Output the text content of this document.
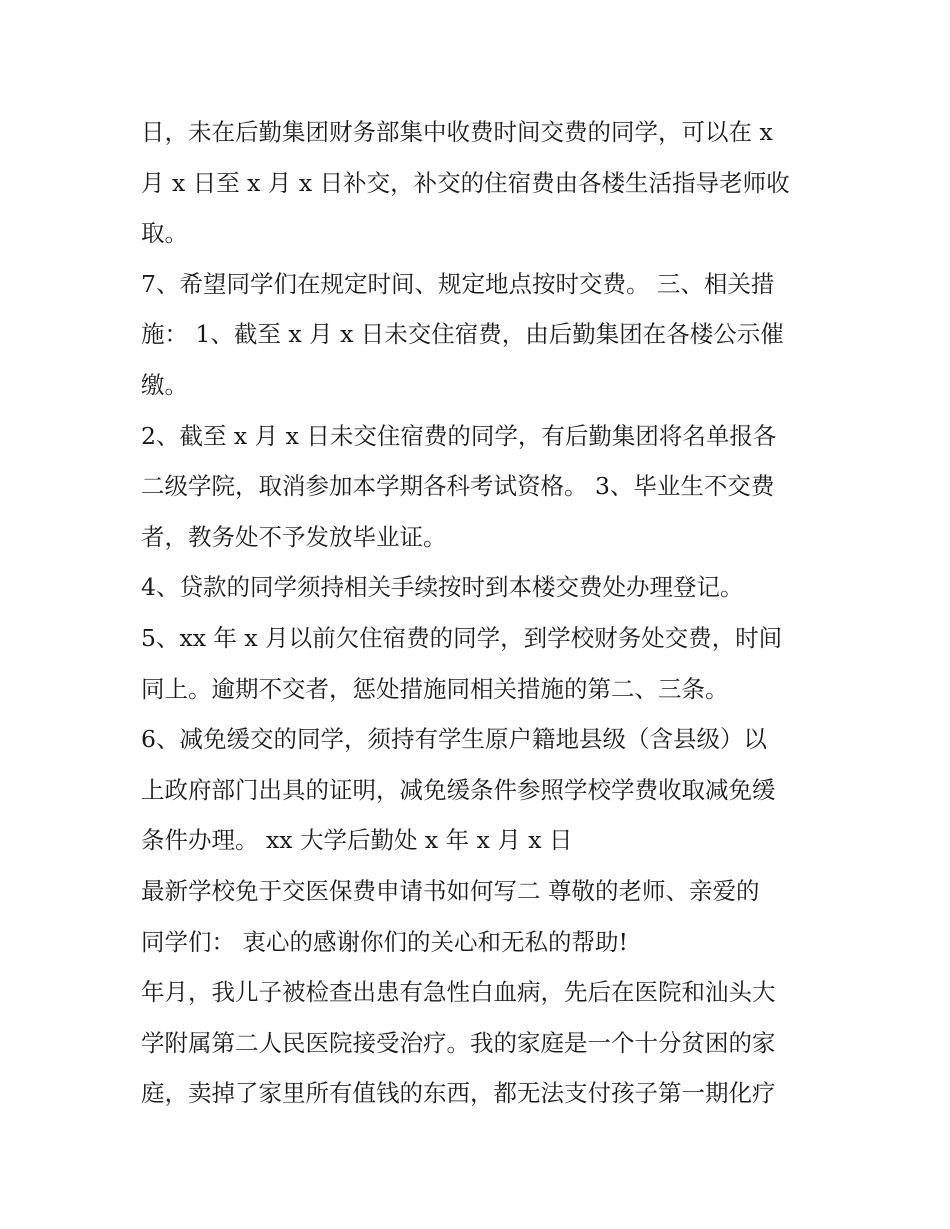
日，未在后勤集团财务部集中收费时间交费的同学，可以在 x
月 x 日至 x 月 x 日补交，补交的住宿费由各楼生活指导老师收
取。
7、希望同学们在规定时间、规定地点按时交费。 三、相关措
施： 1、截至 x 月 x 日未交住宿费，由后勤集团在各楼公示催
缴。
2、截至 x 月 x 日未交住宿费的同学，有后勤集团将名单报各
二级学院，取消参加本学期各科考试资格。 3、毕业生不交费
者，教务处不予发放毕业证。
4、贷款的同学须持相关手续按时到本楼交费处办理登记。
5、xx 年 x 月以前欠住宿费的同学，到学校财务处交费，时间
同上。逾期不交者，惩处措施同相关措施的第二、三条。
6、减免缓交的同学，须持有学生原户籍地县级（含县级）以
上政府部门出具的证明，减免缓条件参照学校学费收取减免缓
条件办理。 xx 大学后勤处 x 年 x 月 x 日
最新学校免于交医保费申请书如何写二 尊敬的老师、亲爱的
同学们： 衷心的感谢你们的关心和无私的帮助!
年月，我儿子被检查出患有急性白血病，先后在医院和汕头大
学附属第二人民医院接受治疗。我的家庭是一个十分贫困的家
庭，卖掉了家里所有值钱的东西，都无法支付孩子第一期化疗
